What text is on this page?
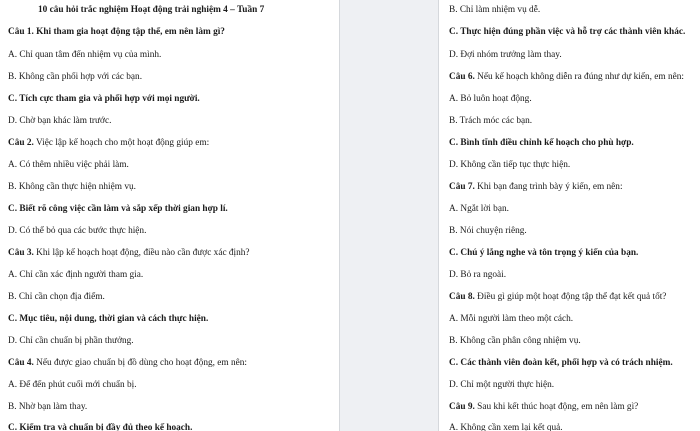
10 câu hỏi trắc nghiệm Hoạt động trải nghiệm 4 – Tuần 7
Câu 1. Khi tham gia hoạt động tập thể, em nên làm gì?
A. Chỉ quan tâm đến nhiệm vụ của mình.
B. Không cần phối hợp với các bạn.
C. Tích cực tham gia và phối hợp với mọi người.
D. Chờ bạn khác làm trước.
Câu 2. Việc lập kế hoạch cho một hoạt động giúp em:
A. Có thêm nhiều việc phải làm.
B. Không cần thực hiện nhiệm vụ.
C. Biết rõ công việc cần làm và sắp xếp thời gian hợp lí.
D. Có thể bỏ qua các bước thực hiện.
Câu 3. Khi lập kế hoạch hoạt động, điều nào cần được xác định?
A. Chỉ cần xác định người tham gia.
B. Chỉ cần chọn địa điểm.
C. Mục tiêu, nội dung, thời gian và cách thực hiện.
D. Chỉ cần chuẩn bị phần thưởng.
Câu 4. Nếu được giao chuẩn bị đồ dùng cho hoạt động, em nên:
A. Để đến phút cuối mới chuẩn bị.
B. Nhờ bạn làm thay.
C. Kiểm tra và chuẩn bị đầy đủ theo kế hoạch.
B. Chỉ làm nhiệm vụ dễ.
C. Thực hiện đúng phần việc và hỗ trợ các thành viên khác.
D. Đợi nhóm trưởng làm thay.
Câu 6. Nếu kế hoạch không diễn ra đúng như dự kiến, em nên:
A. Bỏ luôn hoạt động.
B. Trách móc các bạn.
C. Bình tĩnh điều chỉnh kế hoạch cho phù hợp.
D. Không cần tiếp tục thực hiện.
Câu 7. Khi bạn đang trình bày ý kiến, em nên:
A. Ngắt lời bạn.
B. Nói chuyện riêng.
C. Chú ý lắng nghe và tôn trọng ý kiến của bạn.
D. Bỏ ra ngoài.
Câu 8. Điều gì giúp một hoạt động tập thể đạt kết quả tốt?
A. Mỗi người làm theo một cách.
B. Không cần phân công nhiệm vụ.
C. Các thành viên đoàn kết, phối hợp và có trách nhiệm.
D. Chỉ một người thực hiện.
Câu 9. Sau khi kết thúc hoạt động, em nên làm gì?
A. Không cần xem lại kết quả.
